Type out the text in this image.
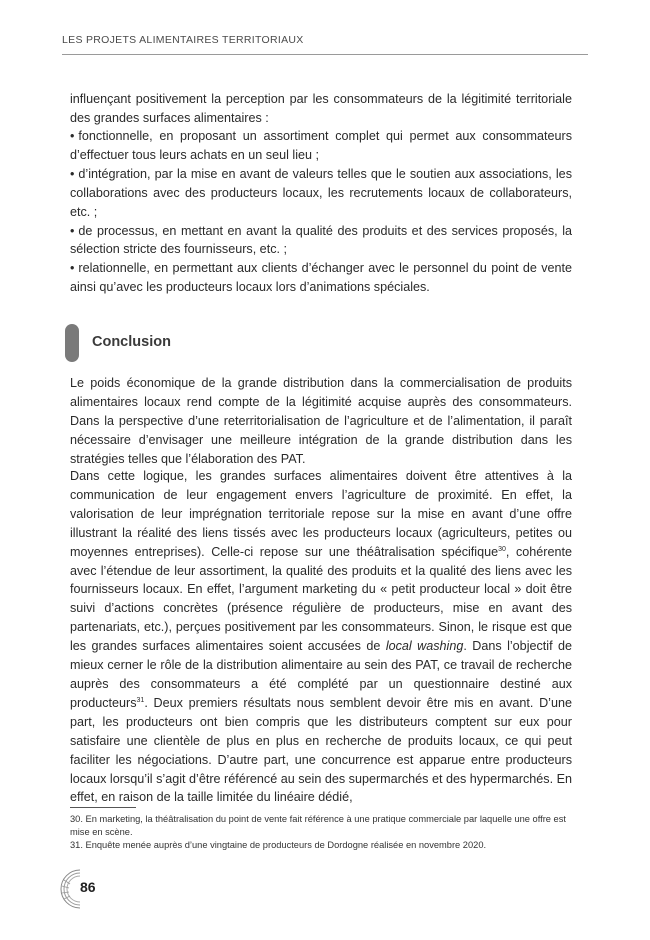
LES PROJETS ALIMENTAIRES TERRITORIAUX

influençant positivement la perception par les consommateurs de la légitimité territoriale des grandes surfaces alimentaires :

• fonctionnelle, en proposant un assortiment complet qui permet aux consommateurs d’effectuer tous leurs achats en un seul lieu ;
• d’intégration, par la mise en avant de valeurs telles que le soutien aux associations, les collaborations avec des producteurs locaux, les recrutements locaux de collaborateurs, etc. ;
• de processus, en mettant en avant la qualité des produits et des services proposés, la sélection stricte des fournisseurs, etc. ;
• relationnelle, en permettant aux clients d’échanger avec le personnel du point de vente ainsi qu’avec les producteurs locaux lors d’animations spéciales.
Conclusion

Le poids économique de la grande distribution dans la commercialisation de produits alimentaires locaux rend compte de la légitimité acquise auprès des consommateurs. Dans la perspective d’une reterritorialisation de l’agriculture et de l’alimentation, il paraît nécessaire d’envisager une meilleure intégration de la grande distribution dans les stratégies telles que l’élaboration des PAT.

Dans cette logique, les grandes surfaces alimentaires doivent être attentives à la communication de leur engagement envers l’agriculture de proximité. En effet, la valorisation de leur imprégnation territoriale repose sur la mise en avant d’une offre illustrant la réalité des liens tissés avec les producteurs locaux (agriculteurs, petites ou moyennes entreprises). Celle-ci repose sur une théâtralisation spécifique$^{30}$, cohérente avec l’étendue de leur assortiment, la qualité des produits et la qualité des liens avec les fournisseurs locaux. En effet, l’argument marketing du « petit producteur local » doit être suivi d’actions concrètes (présence régulière de producteurs, mise en avant des partenariats, etc.), perçues positivement par les consommateurs. Sinon, le risque est que les grandes surfaces alimentaires soient accusées de local washing. Dans l’objectif de mieux cerner le rôle de la distribution alimentaire au sein des PAT, ce travail de recherche auprès des consommateurs a été complété par un questionnaire destiné aux producteurs$^{31}$. Deux premiers résultats nous semblent devoir être mis en avant. D’une part, les producteurs ont bien compris que les distributeurs comptent sur eux pour satisfaire une clientèle de plus en plus en recherche de produits locaux, ce qui peut faciliter les négociations. D’autre part, une concurrence est apparue entre producteurs locaux lorsqu’il s’agit d’être référencé au sein des supermarchés et des hypermarchés. En effet, en raison de la taille limitée du linéaire dédié,

30. En marketing, la théâtralisation du point de vente fait référence à une pratique commerciale par laquelle une offre est mise en scène.
31. Enquête menée auprès d’une vingtaine de producteurs de Dordogne réalisée en novembre 2020.
86
